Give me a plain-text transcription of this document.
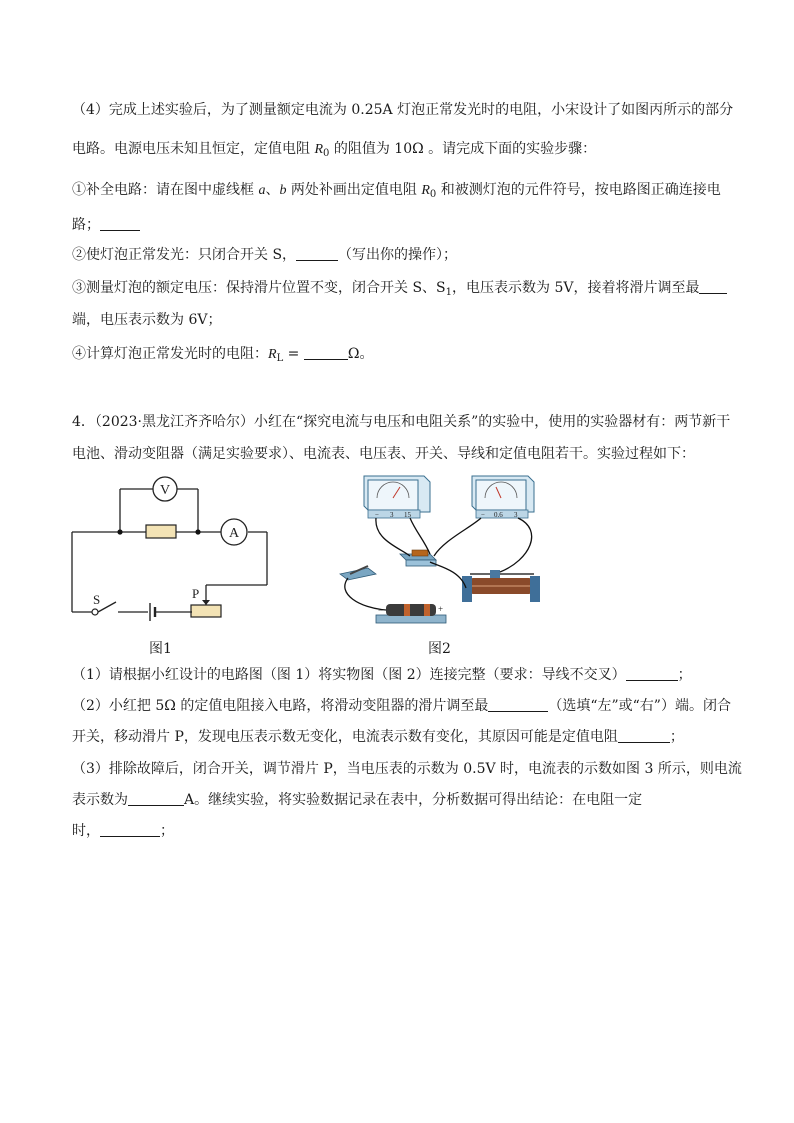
（4）完成上述实验后，为了测量额定电流为 0.25A 灯泡正常发光时的电阻，小宋设计了如图丙所示的部分
电路。电源电压未知且恒定，定值电阻 $R_0$ 的阻值为 10Ω 。请完成下面的实验步骤：
①补全电路：请在图中虚线框 a、b 两处补画出定值电阻 $R_0$ 和被测灯泡的元件符号，按电路图正确连接电
路；
②使灯泡正常发光：只闭合开关 S，	（写出你的操作）；
③测量灯泡的额定电压：保持滑片位置不变，闭合开关 S、$S_1$，电压表示数为 5V，接着将滑片调至最
端，电压表示数为 6V；
④计算灯泡正常发光时的电阻：$R_L$ =	Ω。
4．（2023·黑龙江齐齐哈尔）小红在“探究电流与电压和电阻关系”的实验中，使用的实验器材有：两节新干
电池、滑动变阻器（满足实验要求）、电流表、电压表、开关、导线和定值电阻若干。实验过程如下：
V
A
S	P
图1
− 3 15	− 0.6 3
−	+
图2
（1）请根据小红设计的电路图（图 1）将实物图（图 2）连接完整（要求：导线不交叉）	；
（2）小红把 5Ω 的定值电阻接入电路，将滑动变阻器的滑片调至最	（选填“左”或“右”）端。闭合
开关，移动滑片 P，发现电压表示数无变化，电流表示数有变化，其原因可能是定值电阻	；
（3）排除故障后，闭合开关，调节滑片 P，当电压表的示数为 0.5V 时，电流表的示数如图 3 所示，则电流
表示数为	A。继续实验，将实验数据记录在表中，分析数据可得出结论：在电阻一定
时，	；
